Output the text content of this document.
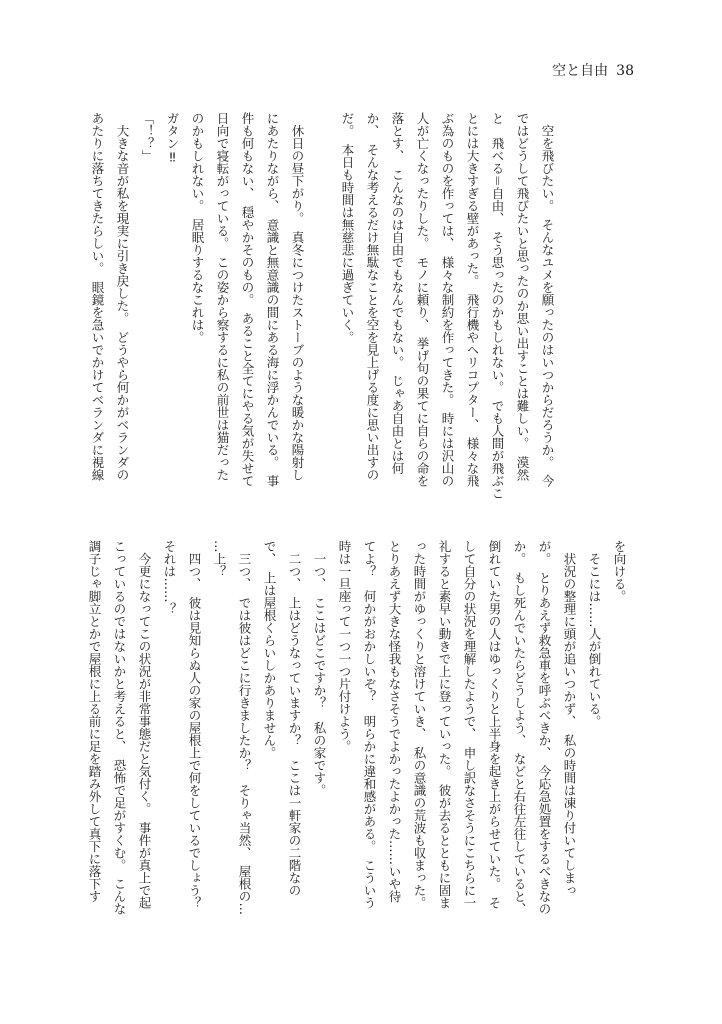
空と自由 38
　空を飛びたい。　そんなユメを願ったのはいつからだろうか。　今
ではどうして飛びたいと思ったのか思い出すことは難しい。　漠然
と　飛べる＝自由、　そう思ったのかもしれない。　でも人間が飛ぶこ
とには大きすぎる壁があった。　飛行機やヘリコプター、　様々な飛
ぶ為のものを作っては、　様々な制約を作ってきた。　時には沢山の
人が亡くなったりした。　モノに頼り、　挙げ句の果てに自らの命を
落とす、　こんなのは自由でもなんでもない。　じゃあ自由とは何
か、　そんな考えるだけ無駄なことを空を見上げる度に思い出すの
だ。　本日も時間は無慈悲に過ぎていく。
　休日の昼下がり。　真冬につけたストーブのような暖かな陽射し
にあたりながら、　意識と無意識の間にある海に浮かんでいる。　事
件も何もない、　穏やかそのもの。　あること全てにやる気が失せて
日向で寝転がっている。　この姿から察するに私の前世は猫だった
のかもしれない。　居眠りするなこれは。
ガタン‼
「！？」
　大きな音が私を現実に引き戻した。　どうやら何かがベランダの
あたりに落ちてきたらしい。　眼鏡を急いでかけてベランダに視線
を向ける。
　そこには……人が倒れている。
　状況の整理に頭が追いつかず、　私の時間は凍り付いてしまっ
が。　とりあえず救急車を呼ぶべきか、　今応急処置をするべきなの
か。　もし死んでいたらどうしよう、　などと右往左往していると、
倒れていた男の人はゆっくりと上半身を起き上がらせていた。　そ
して自分の状況を理解したようで、　申し訳なさそうにこちらに一
礼すると素早い動きで上に登っていった。　彼が去るとともに固ま
った時間がゆっくりと溶けていき、　私の意識の荒波も収まった。
とりあえず大きな怪我もなさそうでよかったよかった……いや待
てよ？　何かがおかしいぞ？　明らかに違和感がある。　こういう
時は一旦座って一つ一つ片付けよう。
　一つ、　ここはどこですか？　私の家です。
　二つ、　上はどうなっていますか？　ここは一軒家の二階なの
で、　上は屋根くらいしかありません。
　三つ、　では彼はどこに行きましたか？　そりゃ当然、　屋根の…
…上？
　四つ、　彼は見知らぬ人の家の屋根上で何をしているでしょう？
それは……？
　今更になってこの状況が非常事態だと気付く。　事件が真上で起
こっているのではないかと考えると、　恐怖で足がすくむ。　こんな
調子じゃ脚立とかで屋根に上る前に足を踏み外して真下に落下す
